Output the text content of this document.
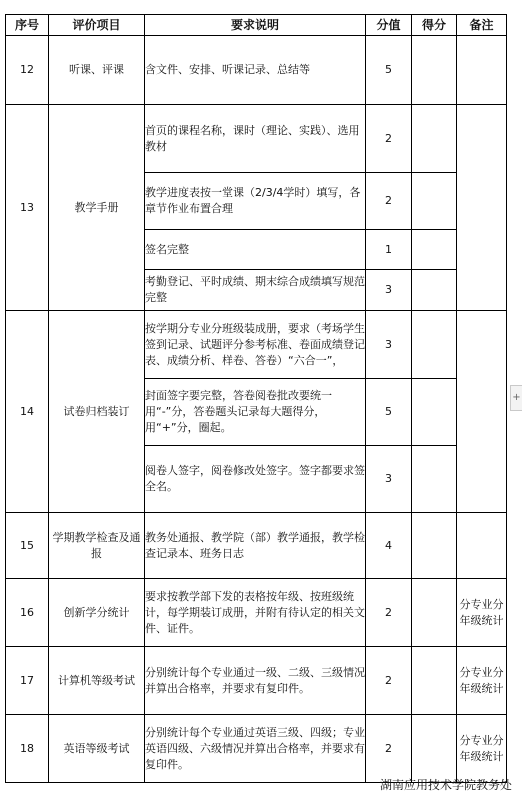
序号	评价项目	要求说明	分值	得分	备注
12	听课、评课	含文件、安排、听课记录、总结等	5		
13	教学手册	首页的课程名称，课时（理论、实践）、选用教材	2		
		教学进度表按一堂课（2/3/4学时）填写，各章节作业布置合理	2		
		签名完整	1		
		考勤登记、平时成绩、期末综合成绩填写规范完整	3		
14	试卷归档装订	按学期分专业分班级装成册，要求（考场学生签到记录、试题评分参考标准、卷面成绩登记表、成绩分析、样卷、答卷）“六合一”，	3		
		封面签字要完整，答卷阅卷批改要统一用“-”分，答卷题头记录每大题得分，用“+”分，圈起。	5		
		阅卷人签字，阅卷修改处签字。签字都要求签全名。	3		
15	学期教学检查及通报	教务处通报、教学院（部）教学通报，教学检查记录本、班务日志	4		
16	创新学分统计	要求按教学部下发的表格按年级、按班级统计，每学期装订成册，并附有待认定的相关文件、证件。	2		分专业分年级统计
17	计算机等级考试	分别统计每个专业通过一级、二级、三级情况并算出合格率，并要求有复印件。	2		分专业分年级统计
18	英语等级考试	分别统计每个专业通过英语三级、四级；专业英语四级、六级情况并算出合格率，并要求有复印件。	2		分专业分年级统计
+
湖南应用技术学院教务处
